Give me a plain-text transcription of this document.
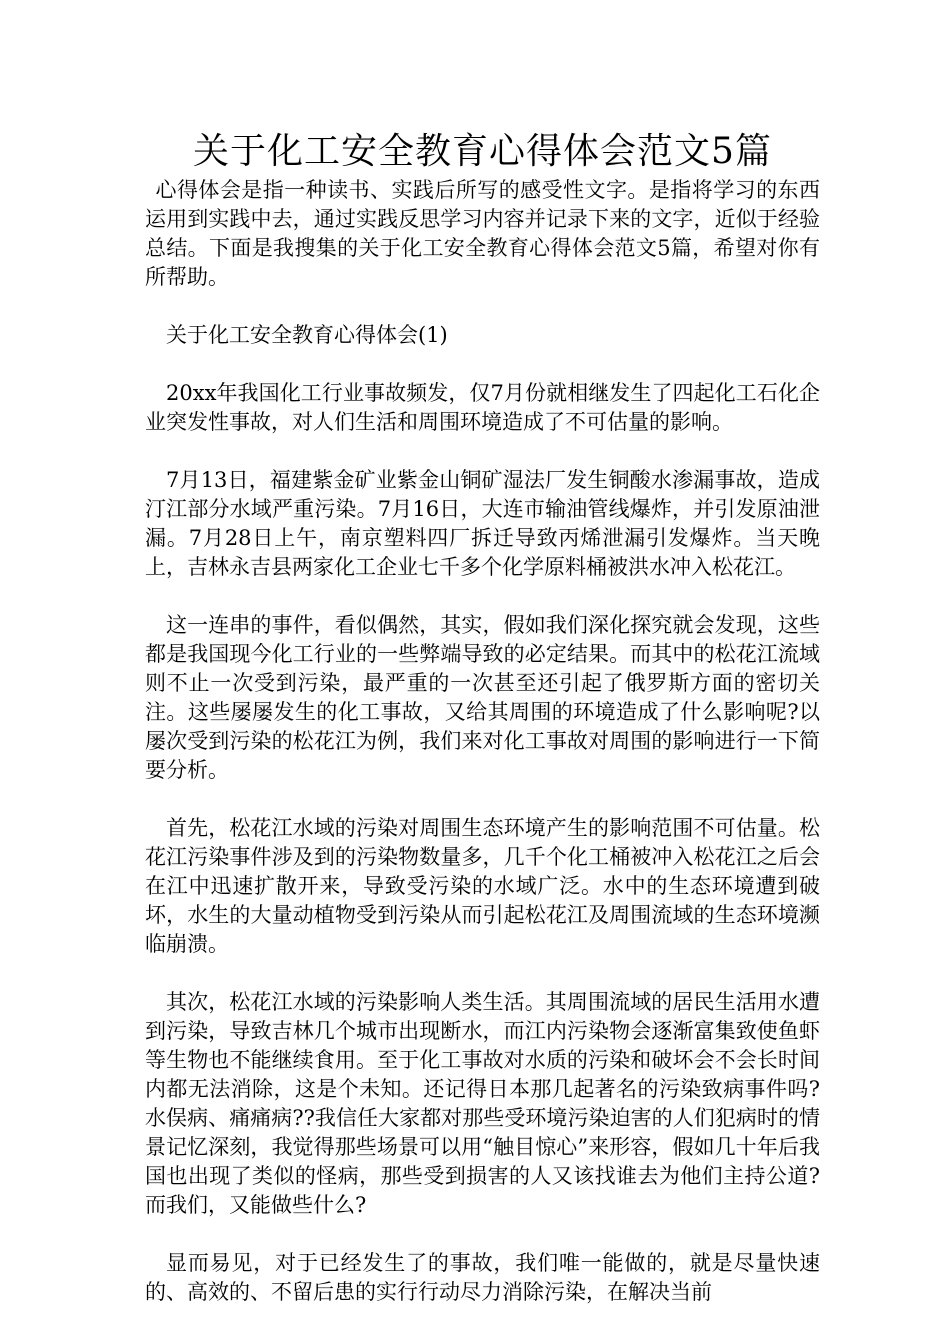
关于化工安全教育心得体会范文5篇

心得体会是指一种读书、实践后所写的感受性文字。是指将学习的东西运用到实践中去，通过实践反思学习内容并记录下来的文字，近似于经验总结。下面是我搜集的关于化工安全教育心得体会范文5篇，希望对你有所帮助。

关于化工安全教育心得体会(1)

20xx年我国化工行业事故频发，仅7月份就相继发生了四起化工石化企业突发性事故，对人们生活和周围环境造成了不可估量的影响。

7月13日，福建紫金矿业紫金山铜矿湿法厂发生铜酸水渗漏事故，造成汀江部分水域严重污染。7月16日，大连市输油管线爆炸，并引发原油泄漏。7月28日上午，南京塑料四厂拆迁导致丙烯泄漏引发爆炸。当天晚上，吉林永吉县两家化工企业七千多个化学原料桶被洪水冲入松花江。

这一连串的事件，看似偶然，其实，假如我们深化探究就会发现，这些都是我国现今化工行业的一些弊端导致的必定结果。而其中的松花江流域则不止一次受到污染，最严重的一次甚至还引起了俄罗斯方面的密切关注。这些屡屡发生的化工事故，又给其周围的环境造成了什么影响呢?以屡次受到污染的松花江为例，我们来对化工事故对周围的影响进行一下简要分析。

首先，松花江水域的污染对周围生态环境产生的影响范围不可估量。松花江污染事件涉及到的污染物数量多，几千个化工桶被冲入松花江之后会在江中迅速扩散开来，导致受污染的水域广泛。水中的生态环境遭到破坏，水生的大量动植物受到污染从而引起松花江及周围流域的生态环境濒临崩溃。

其次，松花江水域的污染影响人类生活。其周围流域的居民生活用水遭到污染，导致吉林几个城市出现断水，而江内污染物会逐渐富集致使鱼虾等生物也不能继续食用。至于化工事故对水质的污染和破坏会不会长时间内都无法消除，这是个未知。还记得日本那几起著名的污染致病事件吗?水俣病、痛痛病??我信任大家都对那些受环境污染迫害的人们犯病时的情景记忆深刻，我觉得那些场景可以用“触目惊心”来形容，假如几十年后我国也出现了类似的怪病，那些受到损害的人又该找谁去为他们主持公道?而我们，又能做些什么?

显而易见，对于已经发生了的事故，我们唯一能做的，就是尽量快速的、高效的、不留后患的实行行动尽力消除污染，在解决当前
